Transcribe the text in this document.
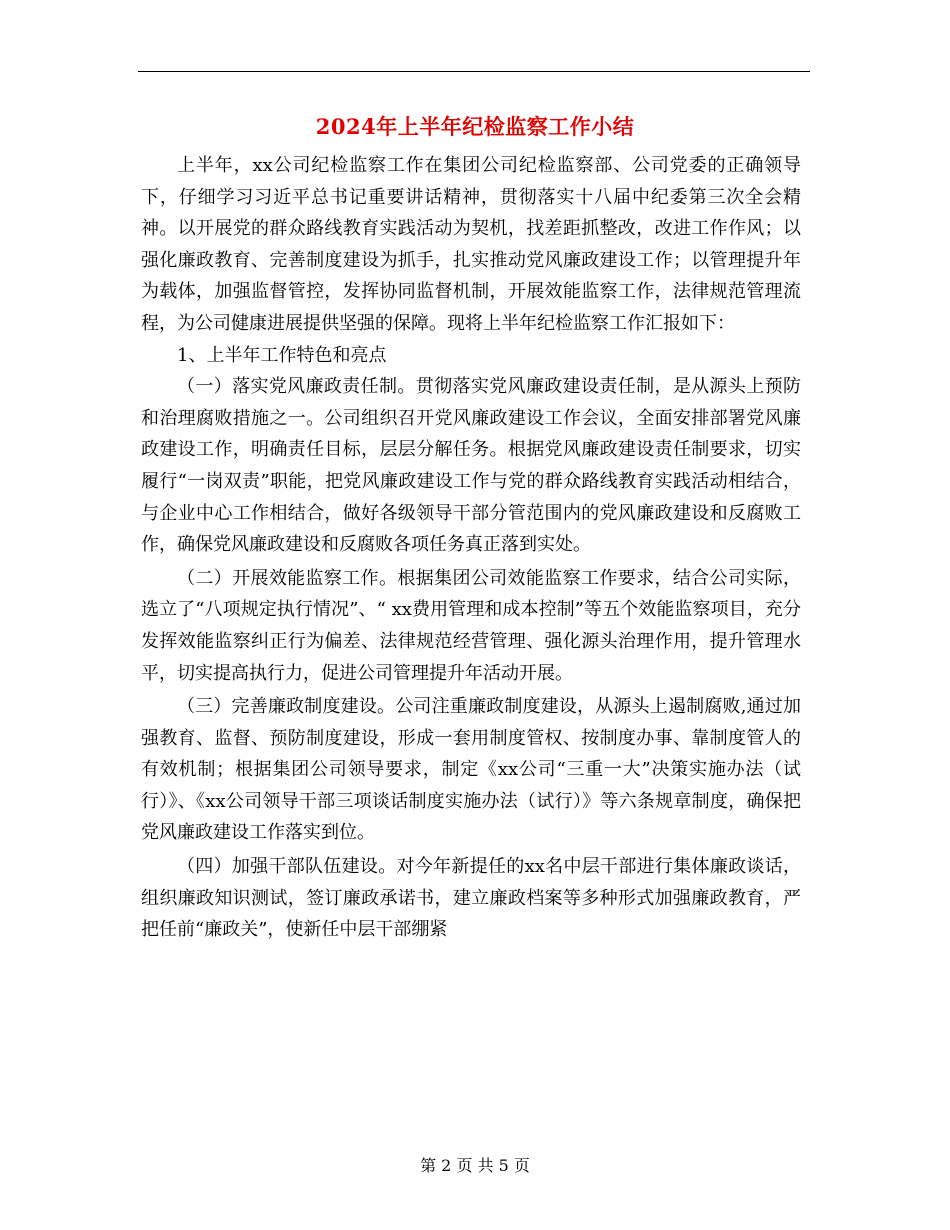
2024年上半年纪检监察工作小结

上半年，xx公司纪检监察工作在集团公司纪检监察部、公司党委的正确领导下，仔细学习习近平总书记重要讲话精神，贯彻落实十八届中纪委第三次全会精神。以开展党的群众路线教育实践活动为契机，找差距抓整改，改进工作作风；以强化廉政教育、完善制度建设为抓手，扎实推动党风廉政建设工作；以管理提升年为载体，加强监督管控，发挥协同监督机制，开展效能监察工作，法律规范管理流程，为公司健康进展提供坚强的保障。现将上半年纪检监察工作汇报如下：

1、上半年工作特色和亮点

（一）落实党风廉政责任制。贯彻落实党风廉政建设责任制，是从源头上预防和治理腐败措施之一。公司组织召开党风廉政建设工作会议，全面安排部署党风廉政建设工作，明确责任目标，层层分解任务。根据党风廉政建设责任制要求，切实履行“一岗双责”职能，把党风廉政建设工作与党的群众路线教育实践活动相结合，与企业中心工作相结合，做好各级领导干部分管范围内的党风廉政建设和反腐败工作，确保党风廉政建设和反腐败各项任务真正落到实处。

（二）开展效能监察工作。根据集团公司效能监察工作要求，结合公司实际，选立了“八项规定执行情况”、“ xx费用管理和成本控制”等五个效能监察项目，充分发挥效能监察纠正行为偏差、法律规范经营管理、强化源头治理作用，提升管理水平，切实提高执行力，促进公司管理提升年活动开展。

（三）完善廉政制度建设。公司注重廉政制度建设，从源头上遏制腐败,通过加强教育、监督、预防制度建设，形成一套用制度管权、按制度办事、靠制度管人的有效机制；根据集团公司领导要求，制定《xx公司“三重一大”决策实施办法（试行）》、《xx公司领导干部三项谈话制度实施办法（试行）》等六条规章制度，确保把党风廉政建设工作落实到位。

（四）加强干部队伍建设。对今年新提任的xx名中层干部进行集体廉政谈话，组织廉政知识测试，签订廉政承诺书，建立廉政档案等多种形式加强廉政教育，严把任前“廉政关”，使新任中层干部绷紧

第 2 页 共 5 页
